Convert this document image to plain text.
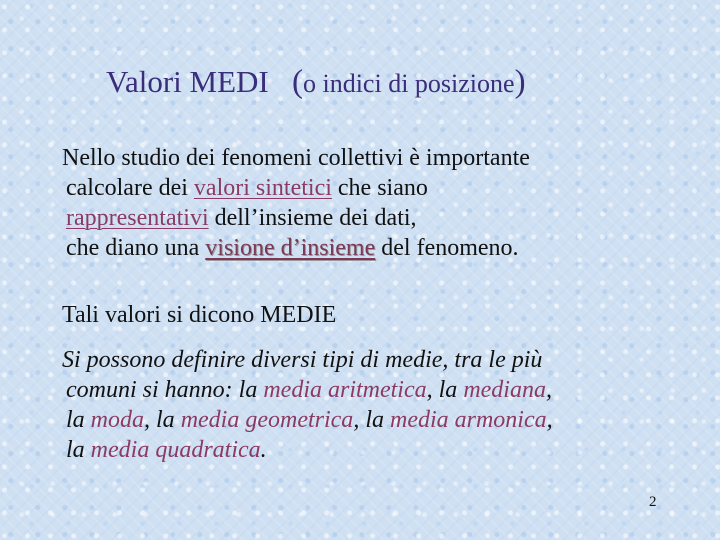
Valori MEDI (o indici di posizione)
Nello studio dei fenomeni collettivi è importante
calcolare dei valori sintetici che siano
rappresentativi dell’insieme dei dati,
che diano una visione d’insieme del fenomeno.
Tali valori si dicono MEDIE
Si possono definire diversi tipi di medie, tra le più
comuni si hanno: la media aritmetica, la mediana,
la moda, la media geometrica, la media armonica,
la media quadratica.
2
